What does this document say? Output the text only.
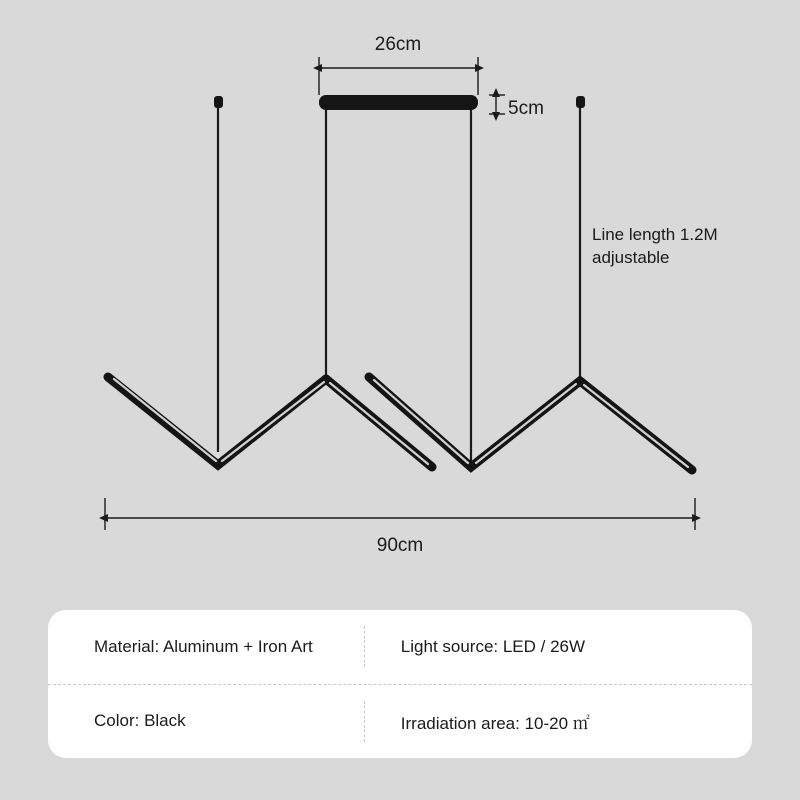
26cm
5cm
Line length 1.2M
adjustable
90cm
Material: Aluminum + Iron Art	Light source: LED / 26W
Color: Black	Irradiation area: 10-20 ㎡
